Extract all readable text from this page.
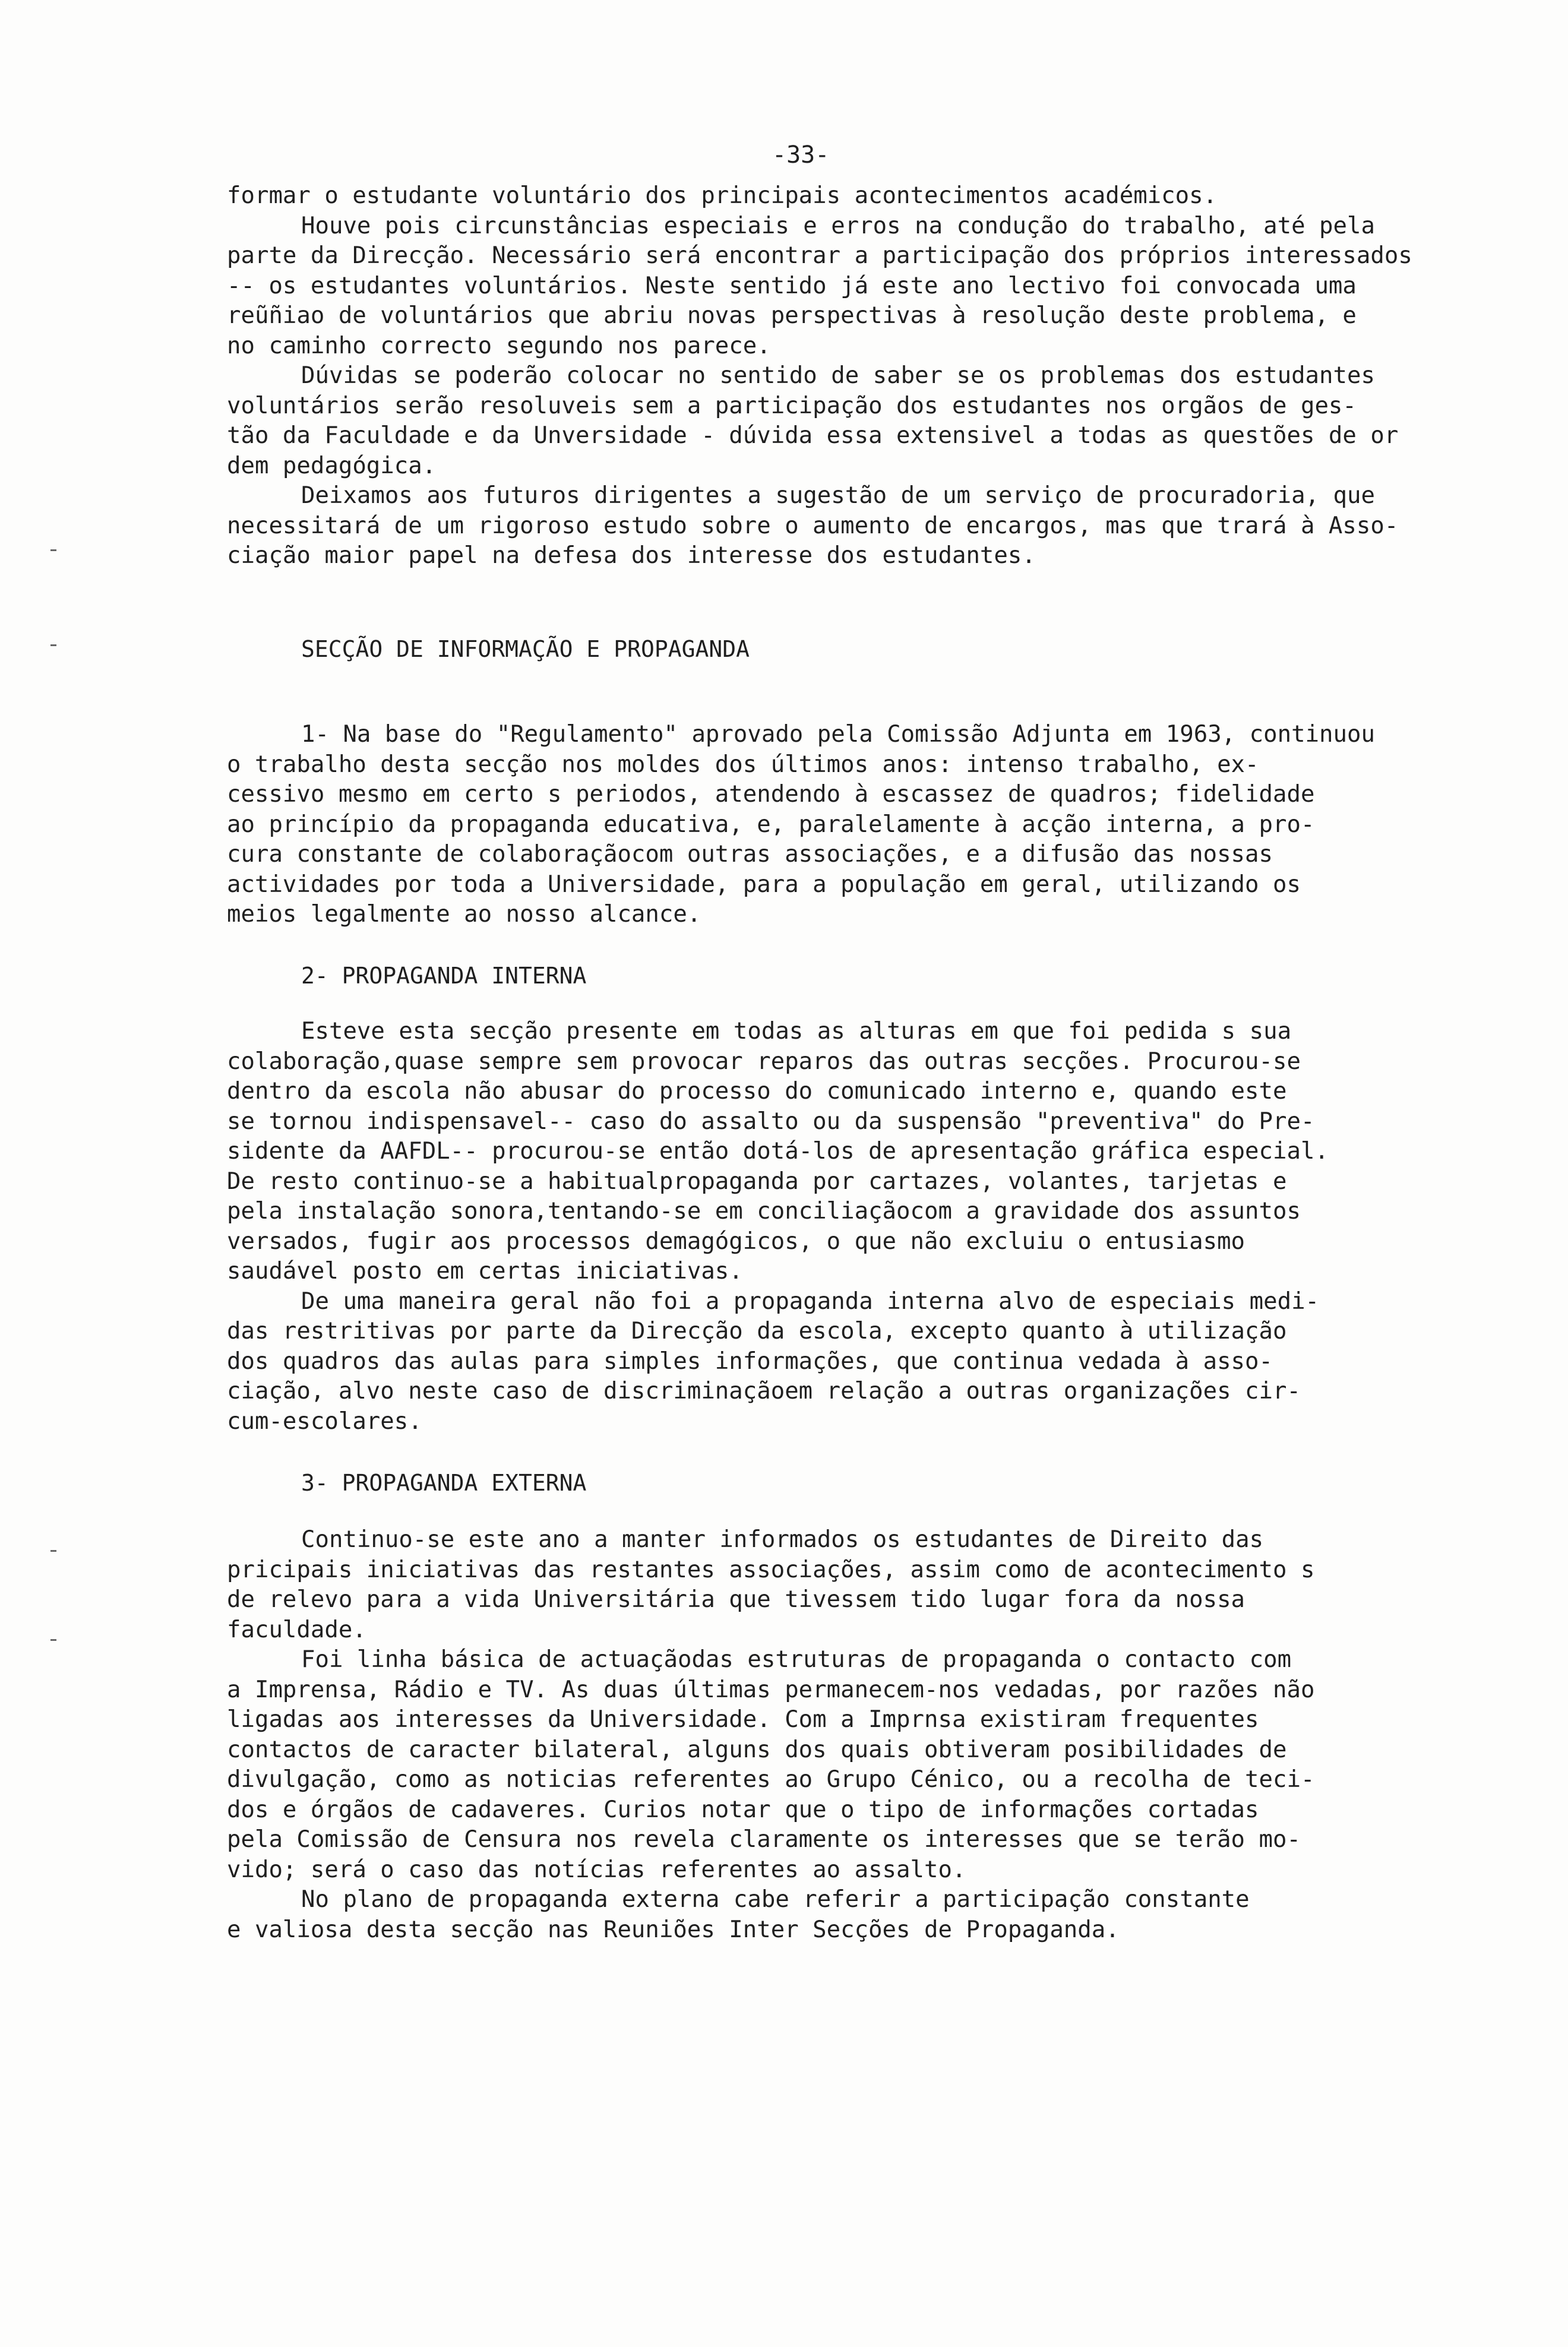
-33-
formar o estudante voluntário dos principais acontecimentos académicos.
Houve pois circunstâncias especiais e erros na condução do trabalho, até pela
parte da Direcção. Necessário será encontrar a participação dos próprios interessados
-- os estudantes voluntários. Neste sentido já este ano lectivo foi convocada uma
reũñiao de voluntários que abriu novas perspectivas à resolução deste problema, e
no caminho correcto segundo nos parece.
Dúvidas se poderão colocar no sentido de saber se os problemas dos estudantes
voluntários serão resoluveis sem a participação dos estudantes nos orgãos de ges-
tão da Faculdade e da Unversidade - dúvida essa extensivel a todas as questões de or
dem pedagógica.
Deixamos aos futuros dirigentes a sugestão de um serviço de procuradoria, que
necessitará de um rigoroso estudo sobre o aumento de encargos, mas que trará à Asso-
ciação maior papel na defesa dos interesse dos estudantes.
SECÇÃO DE INFORMAÇÃO E PROPAGANDA
1- Na base do "Regulamento" aprovado pela Comissão Adjunta em 1963, continuou
o trabalho desta secção nos moldes dos últimos anos: intenso trabalho, ex-
cessivo mesmo em certo s periodos, atendendo à escassez de quadros; fidelidade
ao princípio da propaganda educativa, e, paralelamente à acção interna, a pro-
cura constante de colaboraçãocom outras associações, e a difusão das nossas
actividades por toda a Universidade, para a população em geral, utilizando os
meios legalmente ao nosso alcance.
2- PROPAGANDA INTERNA
Esteve esta secção presente em todas as alturas em que foi pedida s sua
colaboração,quase sempre sem provocar reparos das outras secções. Procurou-se
dentro da escola não abusar do processo do comunicado interno e, quando este
se tornou indispensavel-- caso do assalto ou da suspensão "preventiva" do Pre-
sidente da AAFDL-- procurou-se então dotá-los de apresentação gráfica especial.
De resto continuo-se a habitualpropaganda por cartazes, volantes, tarjetas e
pela instalação sonora,tentando-se em conciliaçãocom a gravidade dos assuntos
versados, fugir aos processos demagógicos, o que não excluiu o entusiasmo
saudável posto em certas iniciativas.
De uma maneira geral não foi a propaganda interna alvo de especiais medi-
das restritivas por parte da Direcção da escola, excepto quanto à utilização
dos quadros das aulas para simples informações, que continua vedada à asso-
ciação, alvo neste caso de discriminaçãoem relação a outras organizações cir-
cum-escolares.
3- PROPAGANDA EXTERNA
Continuo-se este ano a manter informados os estudantes de Direito das
pricipais iniciativas das restantes associações, assim como de acontecimento s
de relevo para a vida Universitária que tivessem tido lugar fora da nossa
faculdade.
Foi linha básica de actuaçãodas estruturas de propaganda o contacto com
a Imprensa, Rádio e TV. As duas últimas permanecem-nos vedadas, por razões não
ligadas aos interesses da Universidade. Com a Imprnsa existiram frequentes
contactos de caracter bilateral, alguns dos quais obtiveram posibilidades de
divulgação, como as noticias referentes ao Grupo Cénico, ou a recolha de teci-
dos e órgãos de cadaveres. Curios notar que o tipo de informações cortadas
pela Comissão de Censura nos revela claramente os interesses que se terão mo-
vido; será o caso das notícias referentes ao assalto.
No plano de propaganda externa cabe referir a participação constante
e valiosa desta secção nas Reuniões Inter Secções de Propaganda.
